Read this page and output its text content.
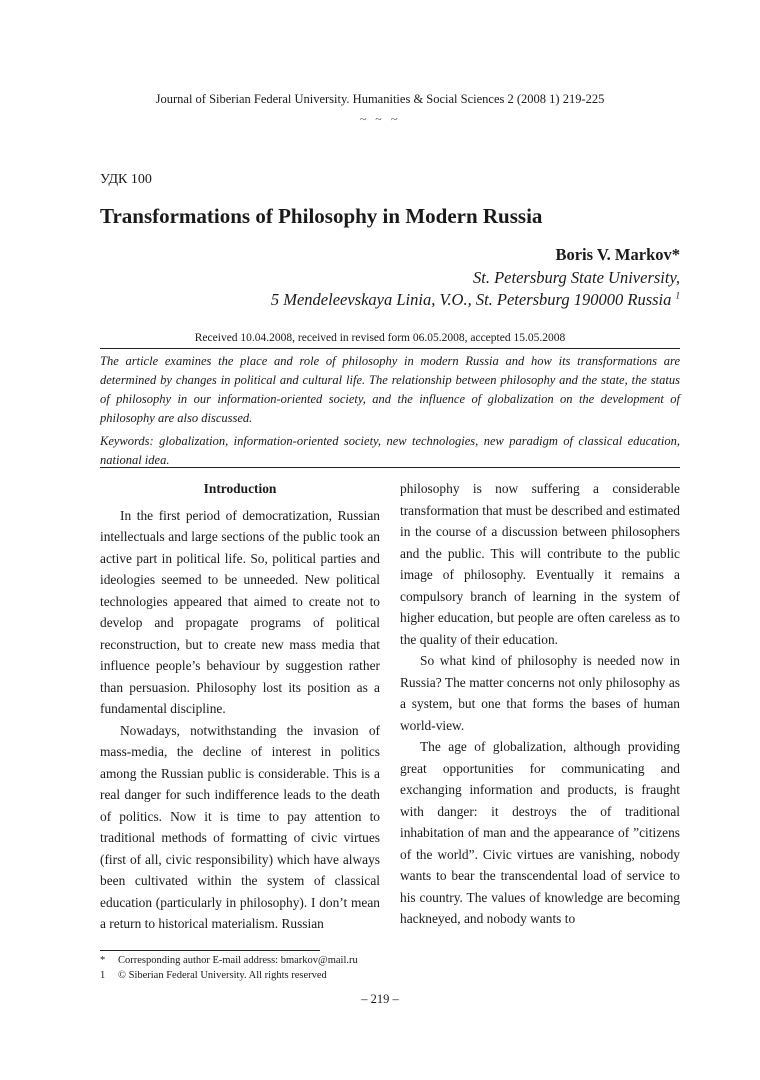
Journal of Siberian Federal University. Humanities & Social Sciences 2 (2008 1) 219-225
~ ~ ~
УДК 100
Transformations of Philosophy in Modern Russia
Boris V. Markov*
St. Petersburg State University,
5 Mendeleevskaya Linia, V.O., St. Petersburg 190000 Russia $^1$
Received 10.04.2008, received in revised form 06.05.2008, accepted 15.05.2008
The article examines the place and role of philosophy in modern Russia and how its transformations are determined by changes in political and cultural life. The relationship between philosophy and the state, the status of philosophy in our information-oriented society, and the influence of globalization on the development of philosophy are also discussed.
Keywords: globalization, information-oriented society, new technologies, new paradigm of classical education, national idea.
Introduction

In the first period of democratization, Russian intellectuals and large sections of the public took an active part in political life. So, political parties and ideologies seemed to be unneeded. New political technologies appeared that aimed to create not to develop and propagate programs of political reconstruction, but to create new mass media that influence people’s behaviour by suggestion rather than persuasion. Philosophy lost its position as a fundamental discipline.

Nowadays, notwithstanding the invasion of mass-media, the decline of interest in politics among the Russian public is considerable. This is a real danger for such indifference leads to the death of politics. Now it is time to pay attention to traditional methods of formatting of civic virtues (first of all, civic responsibility) which have always been cultivated within the system of classical education (particularly in philosophy). I don’t mean a return to historical materialism. Russian

philosophy is now suffering a considerable transformation that must be described and estimated in the course of a discussion between philosophers and the public. This will contribute to the public image of philosophy. Eventually it remains a compulsory branch of learning in the system of higher education, but people are often careless as to the quality of their education.

So what kind of philosophy is needed now in Russia? The matter concerns not only philosophy as a system, but one that forms the bases of human world-view.

The age of globalization, although providing great opportunities for communicating and exchanging information and products, is fraught with danger: it destroys the of traditional inhabitation of man and the appearance of ”citizens of the world”. Civic virtues are vanishing, nobody wants to bear the transcendental load of service to his country. The values of knowledge are becoming hackneyed, and nobody wants to

* Corresponding author E-mail address: bmarkov@mail.ru
1 © Siberian Federal University. All rights reserved
– 219 –
